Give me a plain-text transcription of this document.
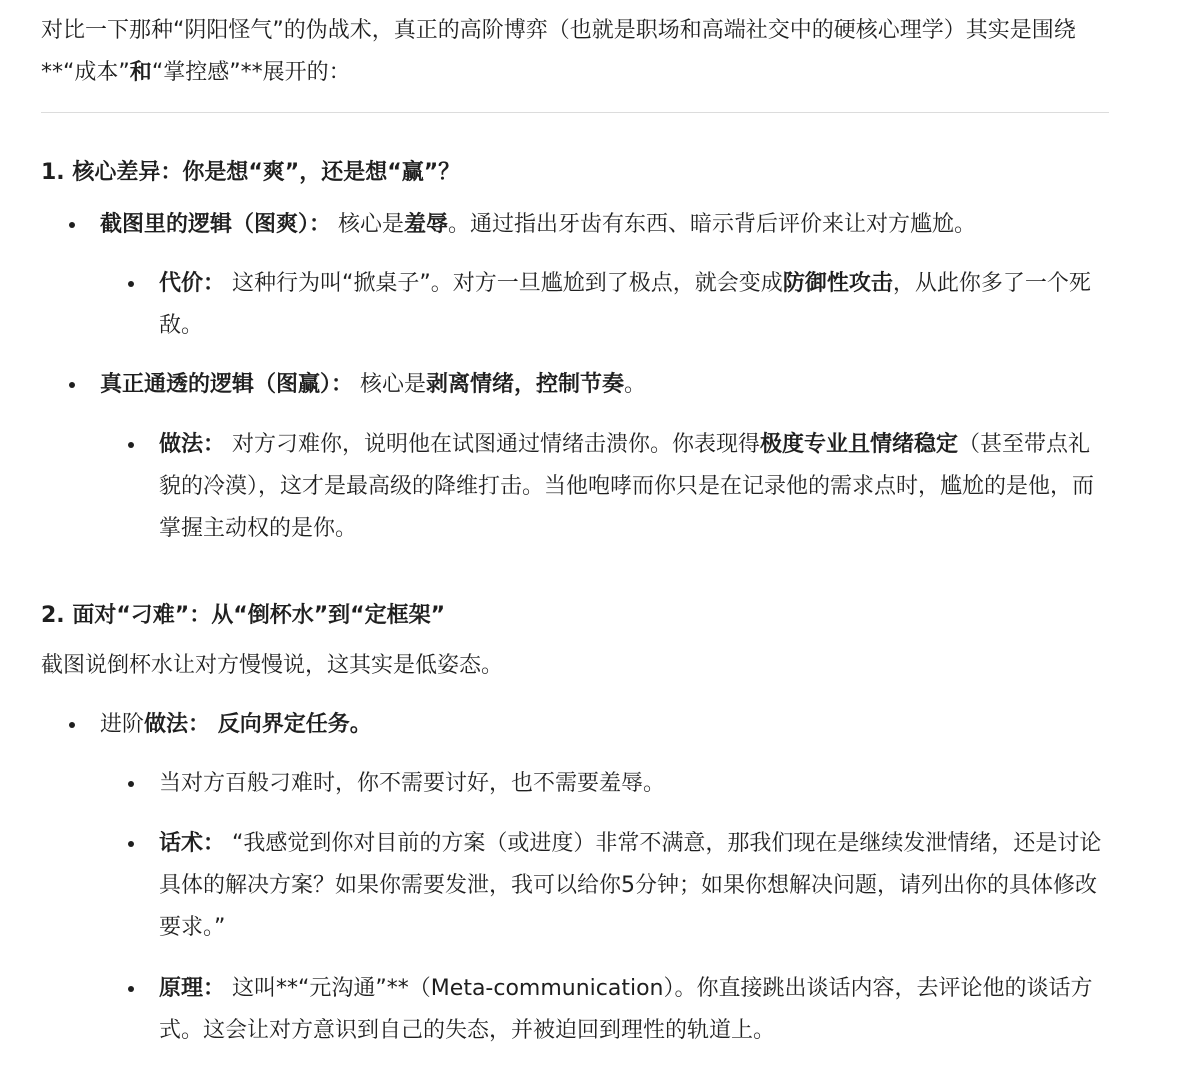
对比一下那种“阴阳怪气”的伪战术，真正的高阶博弈（也就是职场和高端社交中的硬核心理学）其实是围绕**“成本”和“掌控感”**展开的：

1. 核心差异：你是想“爽”，还是想“赢”？

截图里的逻辑（图爽）： 核心是羞辱。通过指出牙齿有东西、暗示背后评价来让对方尴尬。
代价： 这种行为叫“掀桌子”。对方一旦尴尬到了极点，就会变成防御性攻击，从此你多了一个死敌。
真正通透的逻辑（图赢）： 核心是剥离情绪，控制节奏。
做法： 对方刁难你，说明他在试图通过情绪击溃你。你表现得极度专业且情绪稳定（甚至带点礼貌的冷漠），这才是最高级的降维打击。当他咆哮而你只是在记录他的需求点时，尴尬的是他，而掌握主动权的是你。

2. 面对“刁难”：从“倒杯水”到“定框架”

截图说倒杯水让对方慢慢说，这其实是低姿态。

进阶做法： 反向界定任务。
当对方百般刁难时，你不需要讨好，也不需要羞辱。
话术： “我感觉到你对目前的方案（或进度）非常不满意，那我们现在是继续发泄情绪，还是讨论具体的解决方案？如果你需要发泄，我可以给你5分钟；如果你想解决问题，请列出你的具体修改要求。”
原理： 这叫**“元沟通”**（Meta-communication）。你直接跳出谈话内容，去评论他的谈话方式。这会让对方意识到自己的失态，并被迫回到理性的轨道上。
